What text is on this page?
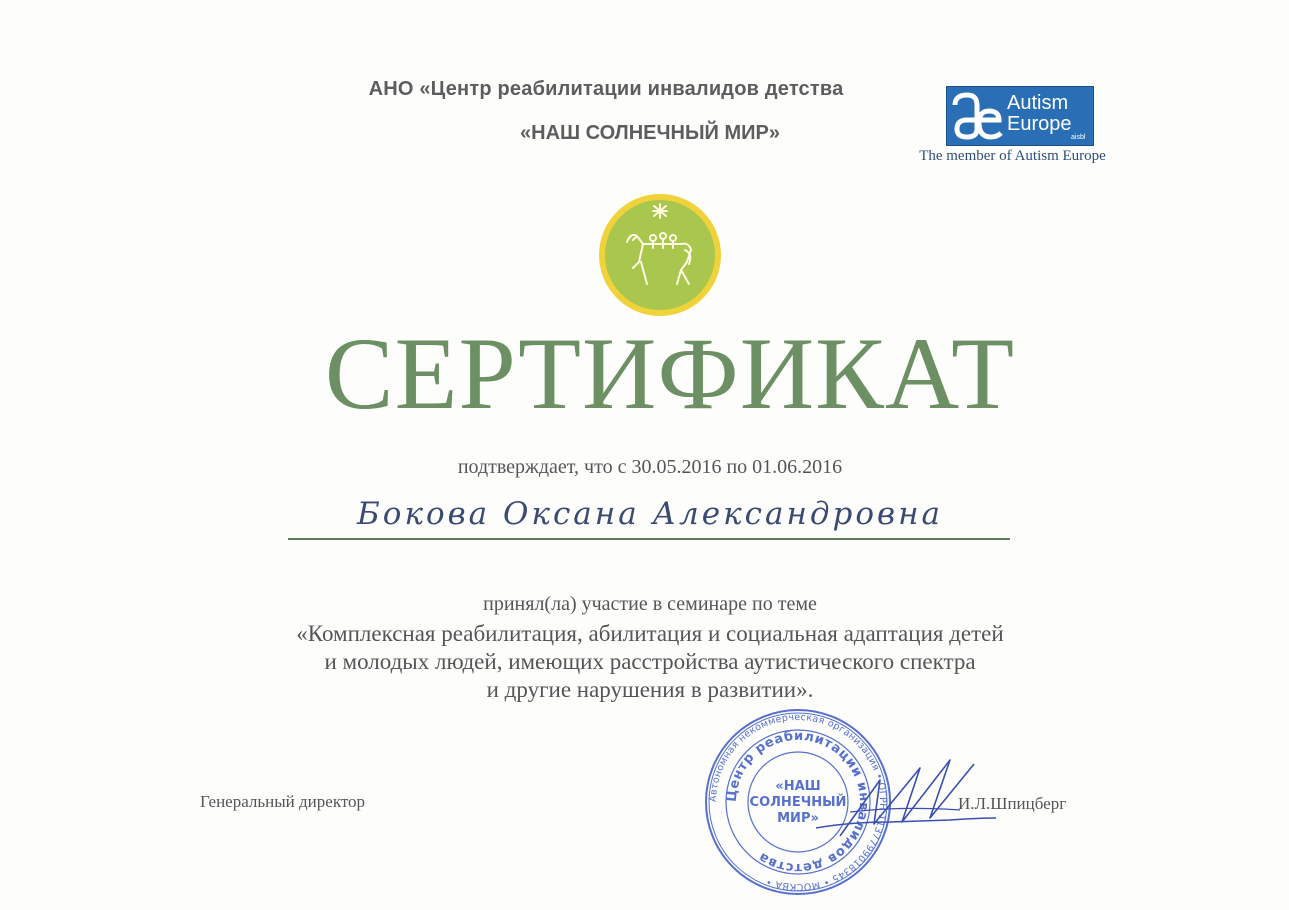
АНО «Центр реабилитации инвалидов детства
«НАШ СОЛНЕЧНЫЙ МИР»
Autism
Europe
aisbl
The member of Autism Europe
СЕРТИФИКАТ
подтверждает, что с 30.05.2016 по 01.06.2016
Бокова Оксана Александровна
принял(ла) участие в семинаре по теме
«Комплексная реабилитация, абилитация и социальная адаптация детей
и молодых людей, имеющих расстройства аутистического спектра
и другие нарушения в развитии».
Генеральный директор	И.Л.Шпицберг
Автономная некоммерческая организация • ОГРН 1137799018345 • МОСКВА •
Центр реабилитации инвалидов детства
«НАШ
СОЛНЕЧНЫЙ
МИР»
